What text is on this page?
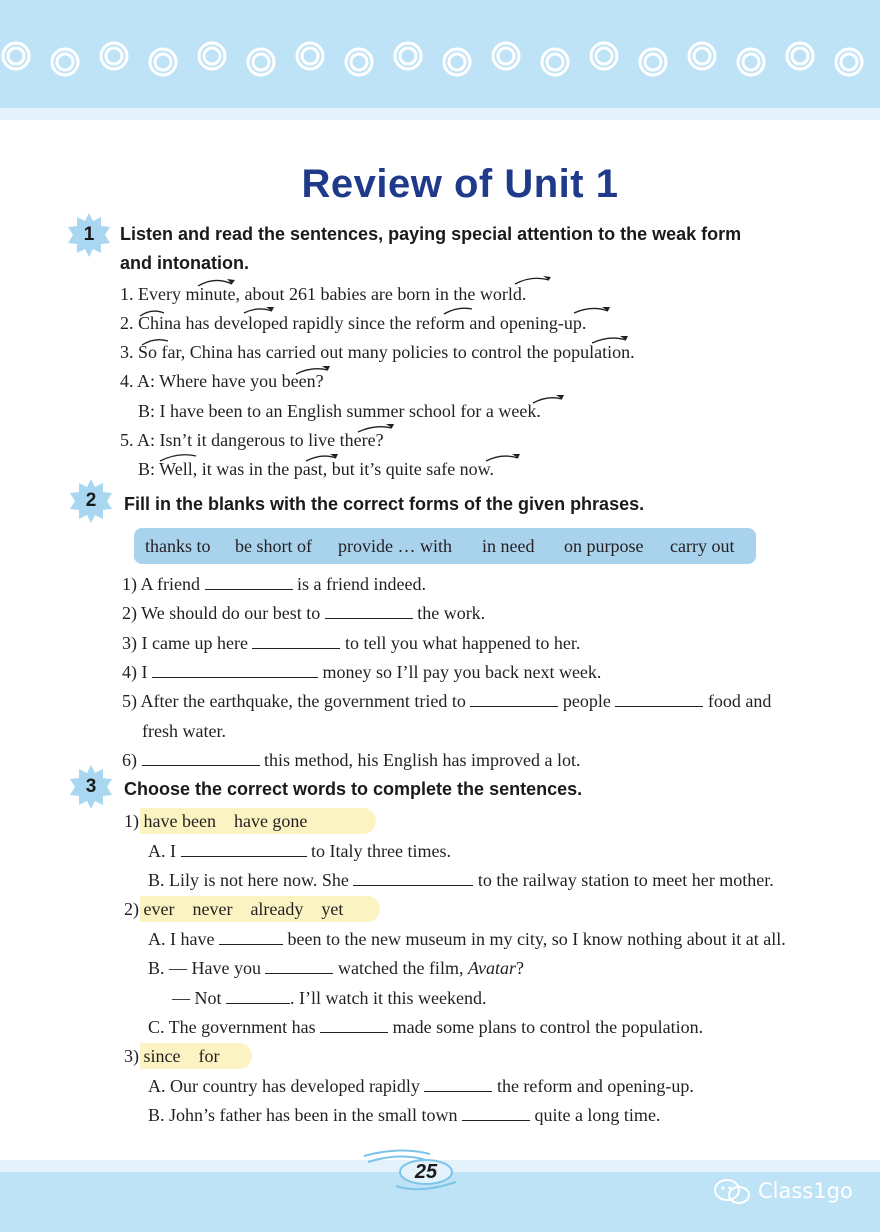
Review of Unit 1
1	Listen and read the sentences, paying special attention to the weak form
and intonation.
1. Every minute, about 261 babies are born in the world.
2. China has developed rapidly since the reform and opening-up.
3. So far, China has carried out many policies to control the population.
4. A: Where have you been?
B: I have been to an English summer school for a week.
5. A: Isn’t it dangerous to live there?
B: Well, it was in the past, but it’s quite safe now.
2	Fill in the blanks with the correct forms of the given phrases.
thanks to be short of provide … with in need on purpose carry out
1) A friend	is a friend indeed.
2) We should do our best to	the work.
3) I came up here	to tell you what happened to her.
4) I	money so I’ll pay you back next week.
5) After the earthquake, the government tried to	people	food and
fresh water.
6)	this method, his English has improved a lot.
3	Choose the correct words to complete the sentences.
1) have been    have gone
A. I	to Italy three times.
B. Lily is not here now. She	to the railway station to meet her mother.
2) ever    never    already    yet
A. I have	been to the new museum in my city, so I know nothing about it at all.
B. — Have you	watched the film, Avatar?
— Not	. I’ll watch it this weekend.
C. The government has	made some plans to control the population.
3) since    for
A. Our country has developed rapidly	the reform and opening-up.
B. John’s father has been in the small town	quite a long time.
25
Class1go
